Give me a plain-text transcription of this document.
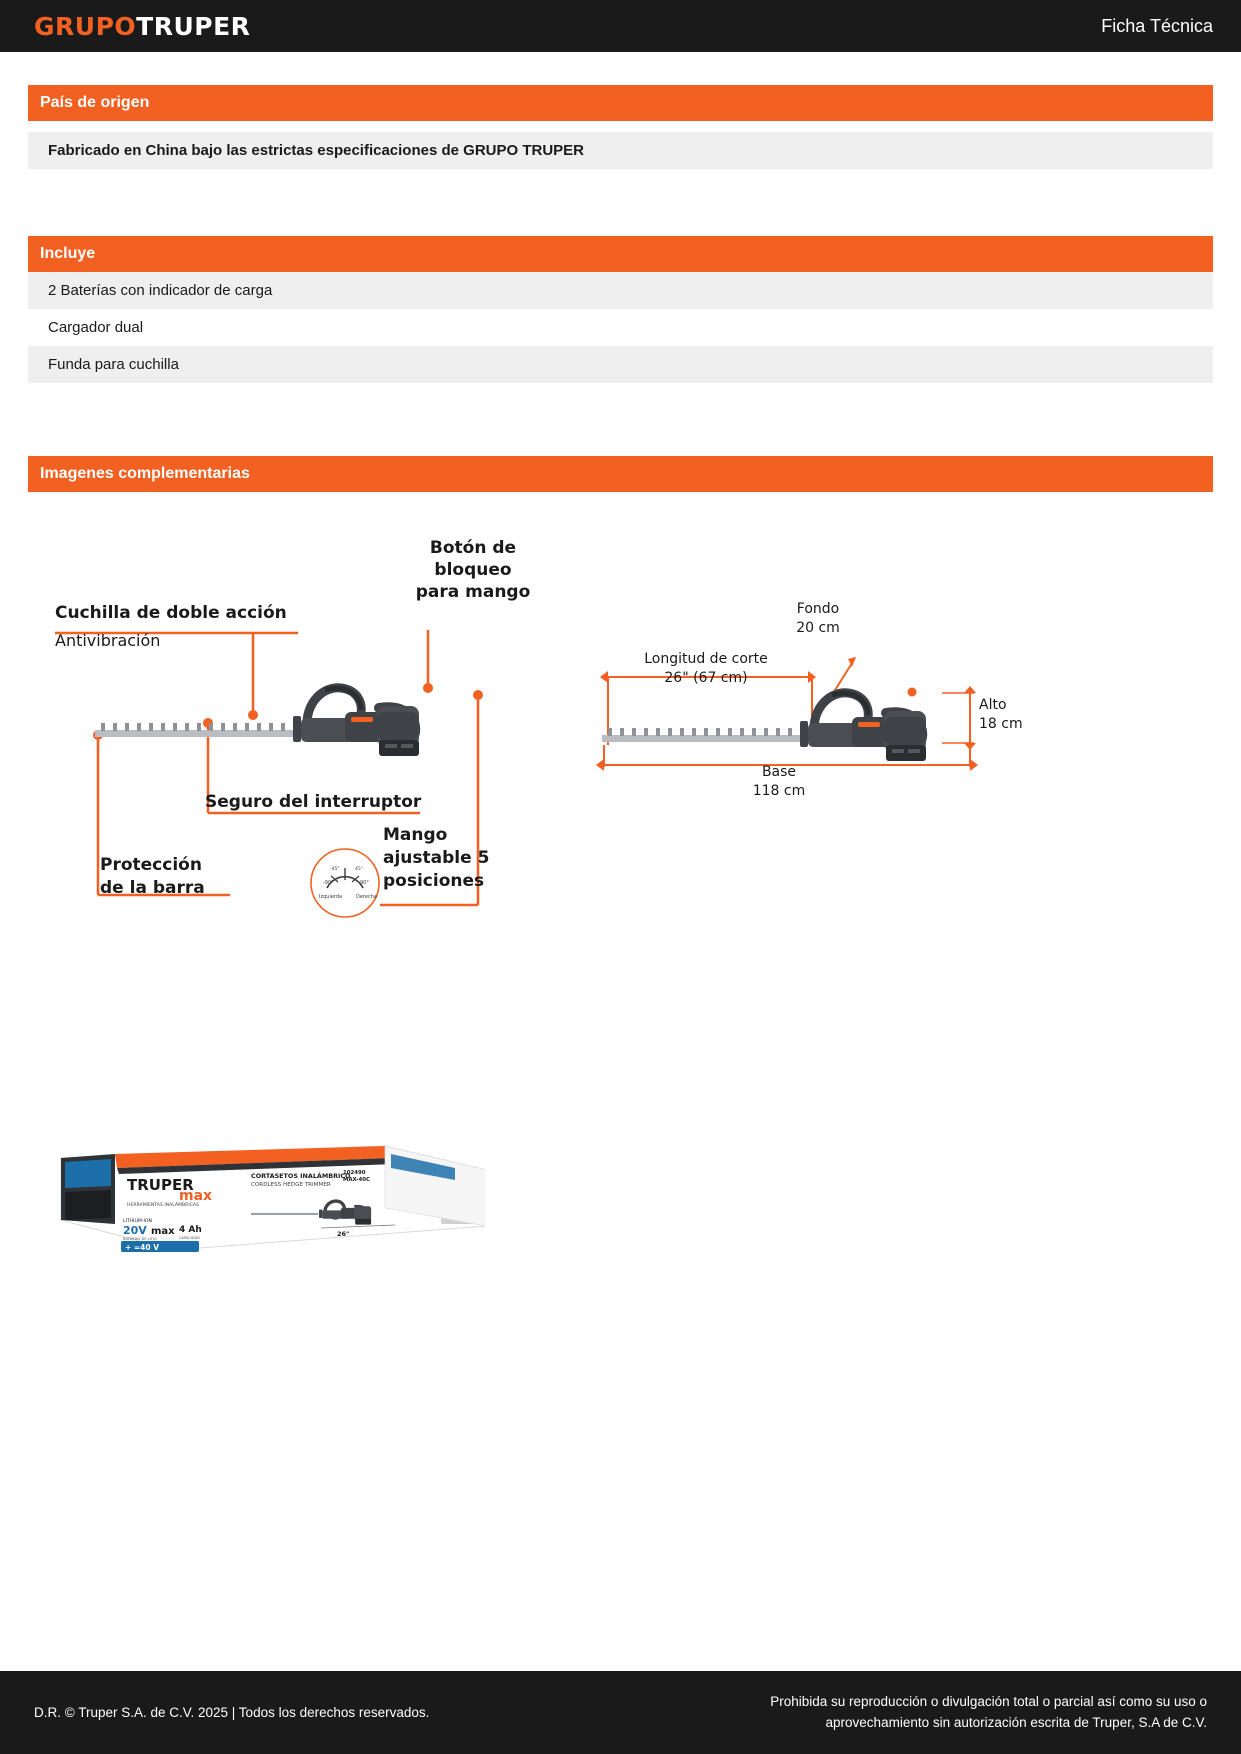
GRUPOTRUPER	Ficha Técnica
País de origen
Fabricado en China bajo las estrictas especificaciones de GRUPO TRUPER
Incluye
2 Baterías con indicador de carga
Cargador dual
Funda para cuchilla
Imagenes complementarias
Botón de
bloqueo
para mango
Cuchilla de doble acción
Antivibración
Seguro del interruptor
Protección
de la barra
Mango
ajustable 5
posiciones
-90°
Izquierda
90°
Derecha
-45°	45°
Fondo
20 cm
Longitud de corte
26" (67 cm)
Alto
18 cm
Base
118 cm
TRUPER
max
HERRAMIENTAS INALÁMBRICAS
LITHIUM-ION
20V max 4 Ah
BATERÍAS DE LITIO	CAPACIDAD
+ =40 V
CORTASETOS INALÁMBRICO
CORDLESS HEDGE TRIMMER
102490
MAX-40C
26"
D.R. © Truper S.A. de C.V. 2025 | Todos los derechos reservados.
Prohibida su reproducción o divulgación total o parcial así como su uso o
aprovechamiento sin autorización escrita de Truper, S.A de C.V.
